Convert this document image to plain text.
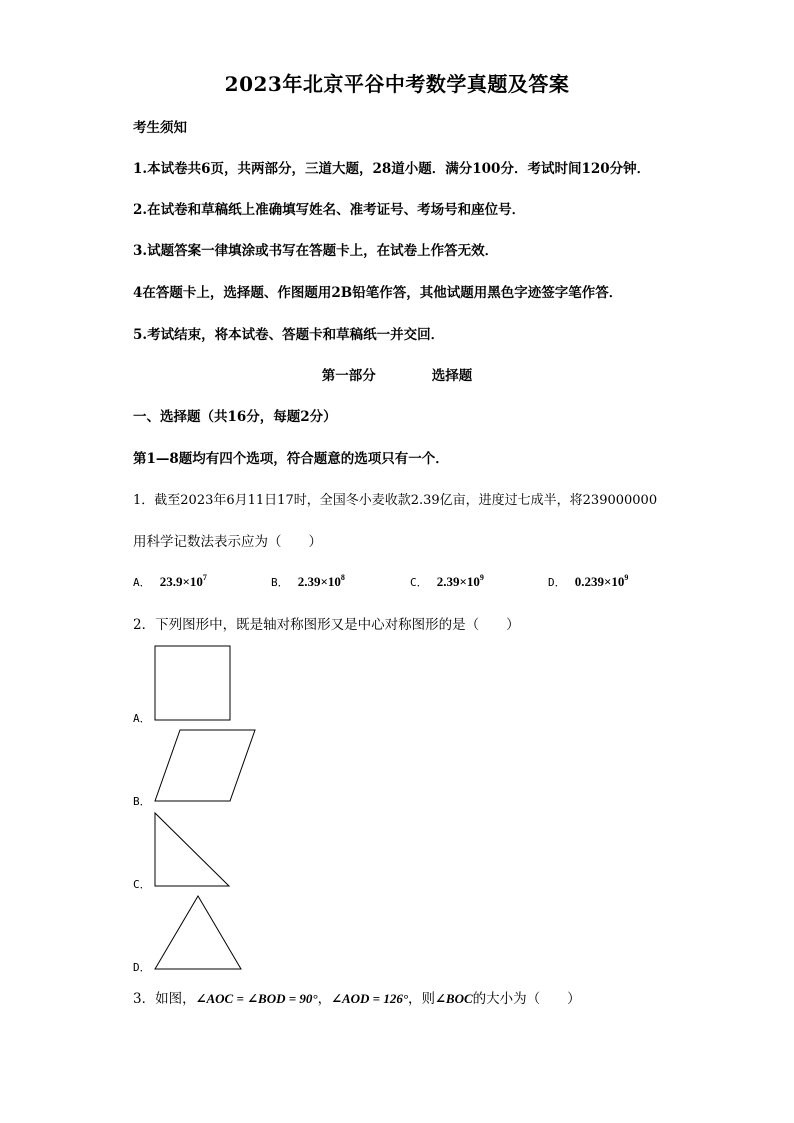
2023年北京平谷中考数学真题及答案
考生须知
1.本试卷共6页，共两部分，三道大题，28道小题．满分100分．考试时间120分钟．
2.在试卷和草稿纸上准确填写姓名、准考证号、考场号和座位号．
3.试题答案一律填涂或书写在答题卡上，在试卷上作答无效．
4在答题卡上，选择题、作图题用2B铅笔作答，其他试题用黑色字迹签字笔作答．
5.考试结束，将本试卷、答题卡和草稿纸一并交回．
第一部分	选择题
一、选择题（共16分，每题2分）
第1—8题均有四个选项，符合题意的选项只有一个．
1．截至2023年6月11日17时，全国冬小麦收款2.39亿亩，进度过七成半，将239000000
用科学记数法表示应为（　　）
A． $23.9\times 10^7$	B． $2.39\times 10^8$	C． $2.39\times 10^9$	D． $0.239\times 10^9$
2．下列图形中，既是轴对称图形又是中心对称图形的是（　　）
A．
B．
C．
D．
3．如图，∠AOC = ∠BOD = 90°，∠AOD = 126°，则∠BOC的大小为（　　）
